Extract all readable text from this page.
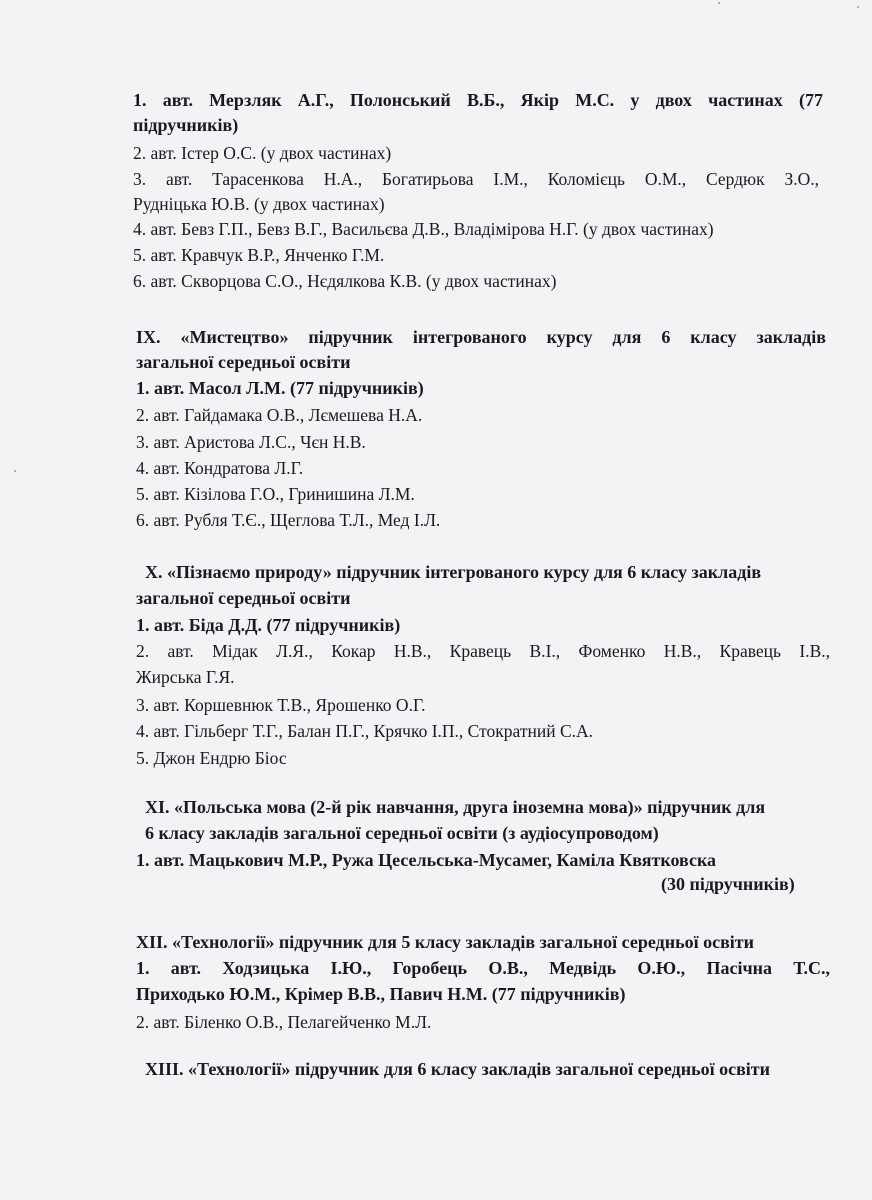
1. авт. Мерзляк А.Г., Полонський В.Б., Якір М.С. у двох частинах (77

підручників)

2. авт. Істер О.С. (у двох частинах)

3. авт. Тарасенкова Н.А., Богатирьова І.М., Коломієць О.М., Сердюк З.О.,

Рудніцька Ю.В. (у двох частинах)

4. авт. Бевз Г.П., Бевз В.Г., Васильєва Д.В., Владімірова Н.Г. (у двох частинах)

5. авт. Кравчук В.Р., Янченко Г.М.

6. авт. Скворцова С.О., Нєдялкова К.В. (у двох частинах)

ІХ. «Мистецтво» підручник інтегрованого курсу для 6 класу закладів

загальної середньої освіти

1. авт. Масол Л.М. (77 підручників)

2. авт. Гайдамака О.В., Лємешева Н.А.

3. авт. Аристова Л.С., Чєн Н.В.

4. авт. Кондратова Л.Г.

5. авт. Кізілова Г.О., Гринишина Л.М.

6. авт. Рубля Т.Є., Щеглова Т.Л., Мед І.Л.

Х. «Пізнаємо природу» підручник інтегрованого курсу для 6 класу закладів

загальної середньої освіти

1. авт. Біда Д.Д. (77 підручників)

2. авт. Мідак Л.Я., Кокар Н.В., Кравець В.І., Фоменко Н.В., Кравець І.В.,

Жирська Г.Я.

3. авт. Коршевнюк Т.В., Ярошенко О.Г.

4. авт. Гільберг Т.Г., Балан П.Г., Крячко І.П., Стократний С.А.

5. Джон Ендрю Біос

ХІ. «Польська мова (2-й рік навчання, друга іноземна мова)» підручник для

6 класу закладів загальної середньої освіти (з аудіосупроводом)

1. авт. Мацькович М.Р., Ружа Цесельська-Мусамег, Каміла Квятковска

(30 підручників)

ХІІ. «Технології» підручник для 5 класу закладів загальної середньої освіти

1. авт. Ходзицька І.Ю., Горобець О.В., Медвідь О.Ю., Пасічна Т.С.,

Приходько Ю.М., Крімер В.В., Павич Н.М. (77 підручників)

2. авт. Біленко О.В., Пелагейченко М.Л.

ХІІІ. «Технології» підручник для 6 класу закладів загальної середньої освіти
